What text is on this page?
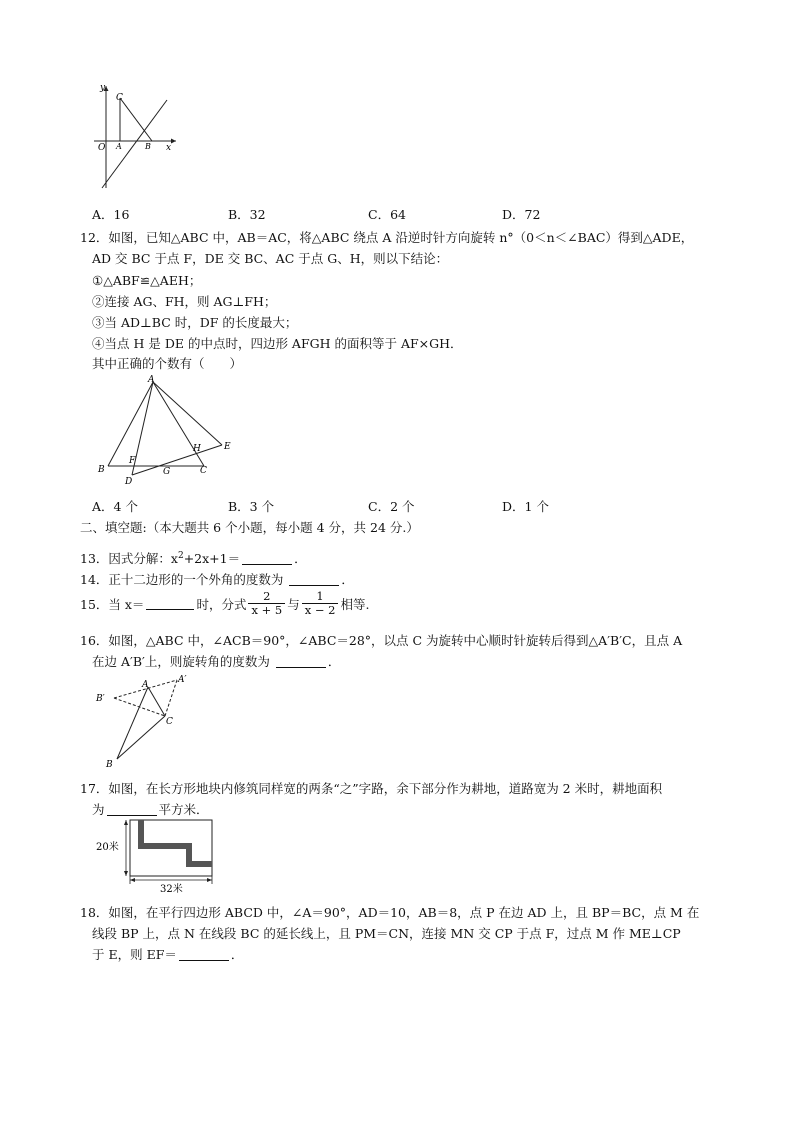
y
x
O A	B
C
A．16	B．32	C．64	D．72
12．如图，已知△ABC 中，AB＝AC，将△ABC 绕点 A 沿逆时针方向旋转 n°（0＜n＜∠BAC）得到△ADE，
AD 交 BC 于点 F，DE 交 BC、AC 于点 G、H，则以下结论：
①△ABF≌△AEH；
②连接 AG、FH，则 AG⊥FH；
③当 AD⊥BC 时，DF 的长度最大；
④当点 H 是 DE 的中点时，四边形 AFGH 的面积等于 AF×GH．
其中正确的个数有（　　）
A
B	C
D
E
F
G
H
A．4 个	B．3 个	C．2 个	D．1 个
二、填空题:（本大题共 6 个小题，每小题 4 分，共 24 分.）
13．因式分解：$x^2+2x+1=$	．
14．正十二边形的一个外角的度数为	．
15．当 x＝	时，分式 $\frac{2}{x + 5}$ 与 $\frac{1}{x - 2}$ 相等.
16．如图，△ABC 中，∠ACB＝90°，∠ABC＝28°，以点 C 为旋转中心顺时针旋转后得到△A′B′C，且点 A
在边 A′B′上，则旋转角的度数为	．
A	A′
B′
C
B
17．如图，在长方形地块内修筑同样宽的两条“之”字路，余下部分作为耕地，道路宽为 2 米时，耕地面积
为	平方米．
20米
32米
18．如图，在平行四边形 ABCD 中，∠A＝90°，AD＝10，AB＝8，点 P 在边 AD 上，且 BP＝BC，点 M 在
线段 BP 上，点 N 在线段 BC 的延长线上，且 PM＝CN，连接 MN 交 CP 于点 F，过点 M 作 ME⊥CP
于 E，则 EF＝	．
